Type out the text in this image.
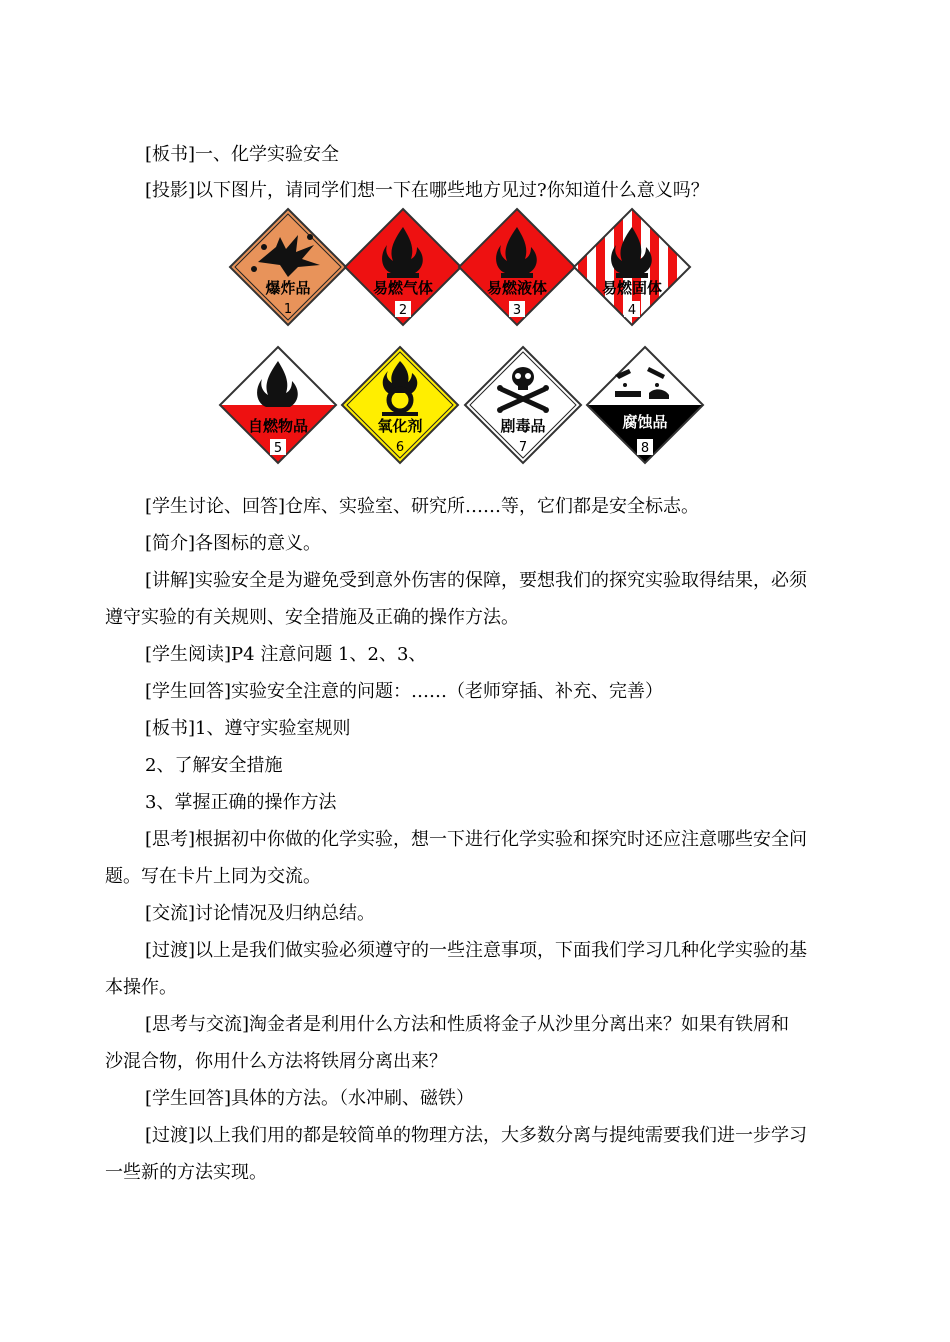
[板书]一、化学实验安全
[投影]以下图片，请同学们想一下在哪些地方见过?你知道什么意义吗？
爆炸品
1
易燃气体
2
易燃液体
3
易燃固体
4
自燃物品
5
氧化剂
6
剧毒品
7
腐蚀品
8
[学生讨论、回答]仓库、实验室、研究所……等，它们都是安全标志。
[简介]各图标的意义。
[讲解]实验安全是为避免受到意外伤害的保障，要想我们的探究实验取得结果，必须
遵守实验的有关规则、安全措施及正确的操作方法。
[学生阅读]P4 注意问题 1、2、3、
[学生回答]实验安全注意的问题：……（老师穿插、补充、完善）
[板书]1、遵守实验室规则
2、了解安全措施
3、掌握正确的操作方法
[思考]根据初中你做的化学实验，想一下进行化学实验和探究时还应注意哪些安全问
题。写在卡片上同为交流。
[交流]讨论情况及归纳总结。
[过渡]以上是我们做实验必须遵守的一些注意事项，下面我们学习几种化学实验的基
本操作。
[思考与交流]淘金者是利用什么方法和性质将金子从沙里分离出来？如果有铁屑和
沙混合物，你用什么方法将铁屑分离出来？
[学生回答]具体的方法。（水冲刷、磁铁）
[过渡]以上我们用的都是较简单的物理方法，大多数分离与提纯需要我们进一步学习
一些新的方法实现。
